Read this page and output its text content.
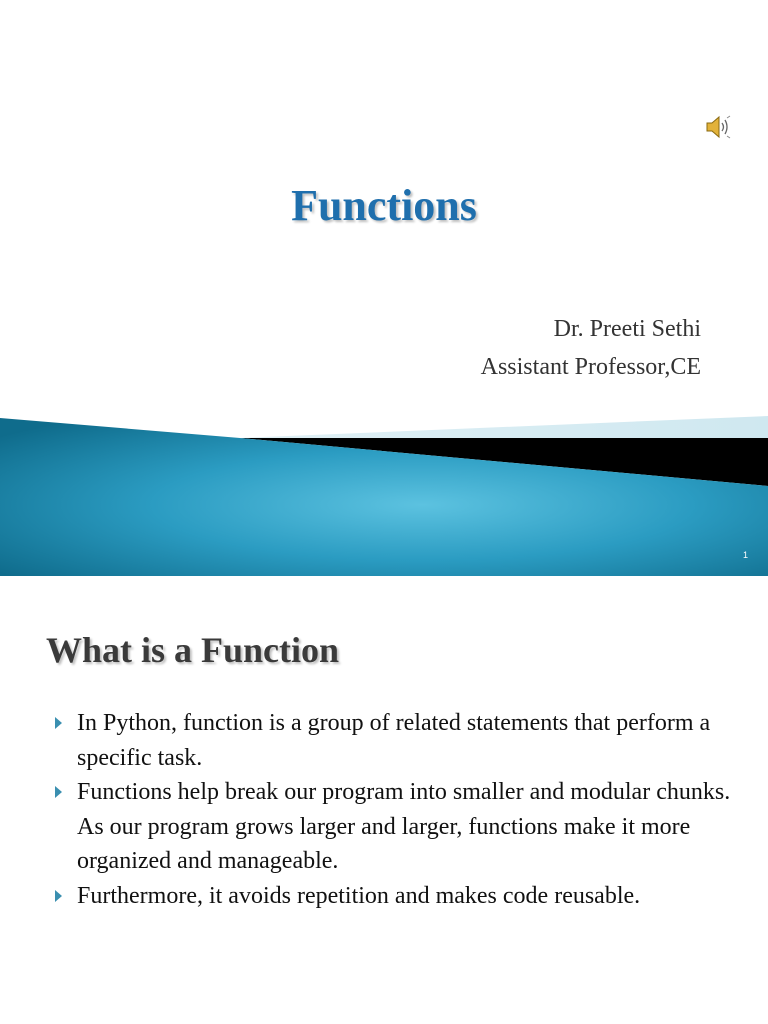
Functions
Dr. Preeti Sethi
Assistant Professor,CE
1
What is a Function
In Python, function is a group of related statements that perform a specific task.
Functions help break our program into smaller and modular chunks. As our program grows larger and larger, functions make it more organized and manageable.
Furthermore, it avoids repetition and makes code reusable.
